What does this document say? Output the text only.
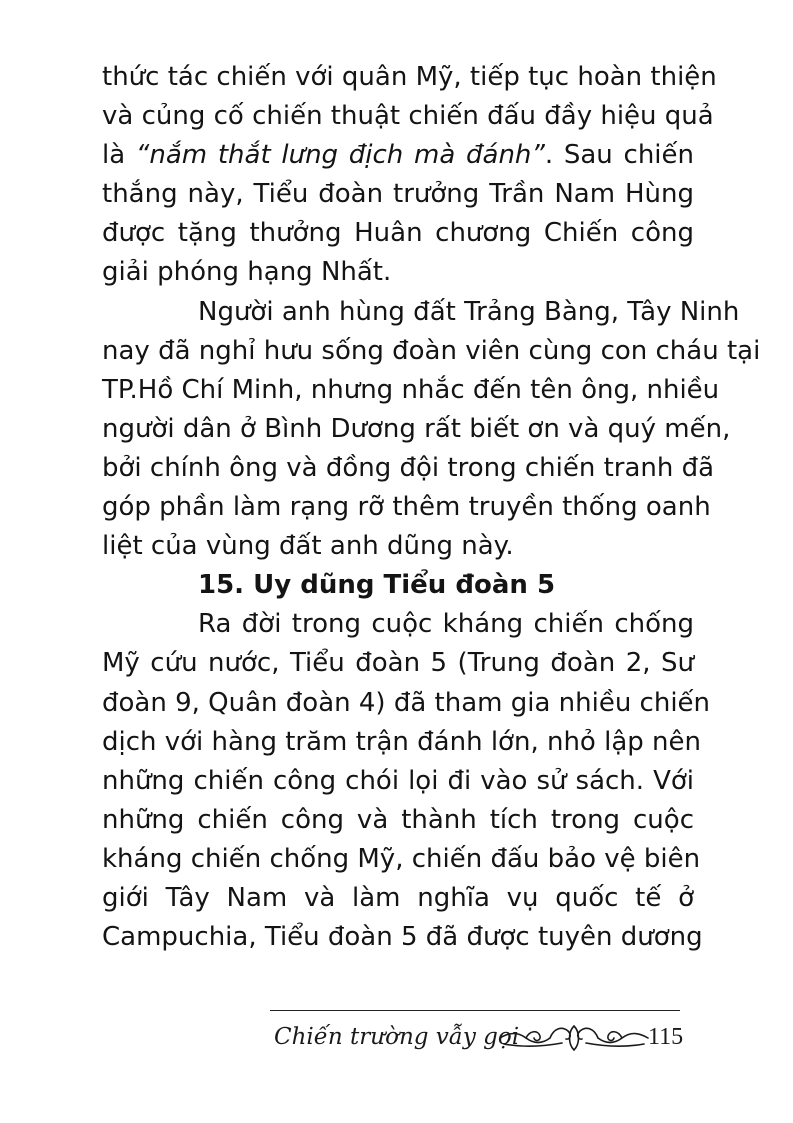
thức tác chiến với quân Mỹ, tiếp tục hoàn thiện
và củng cố chiến thuật chiến đấu đầy hiệu quả
là “nắm thắt lưng địch mà đánh”. Sau chiến
thắng này, Tiểu đoàn trưởng Trần Nam Hùng
được tặng thưởng Huân chương Chiến công
giải phóng hạng Nhất.

Người anh hùng đất Trảng Bàng, Tây Ninh
nay đã nghỉ hưu sống đoàn viên cùng con cháu tại
TP.Hồ Chí Minh, nhưng nhắc đến tên ông, nhiều
người dân ở Bình Dương rất biết ơn và quý mến,
bởi chính ông và đồng đội trong chiến tranh đã
góp phần làm rạng rỡ thêm truyền thống oanh
liệt của vùng đất anh dũng này.

15. Uy dũng Tiểu đoàn 5

Ra đời trong cuộc kháng chiến chống
Mỹ cứu nước, Tiểu đoàn 5 (Trung đoàn 2, Sư
đoàn 9, Quân đoàn 4) đã tham gia nhiều chiến
dịch với hàng trăm trận đánh lớn, nhỏ lập nên
những chiến công chói lọi đi vào sử sách. Với
những chiến công và thành tích trong cuộc
kháng chiến chống Mỹ, chiến đấu bảo vệ biên
giới Tây Nam và làm nghĩa vụ quốc tế ở
Campuchia, Tiểu đoàn 5 đã được tuyên dương

Chiến trường vẫy gọi	115
